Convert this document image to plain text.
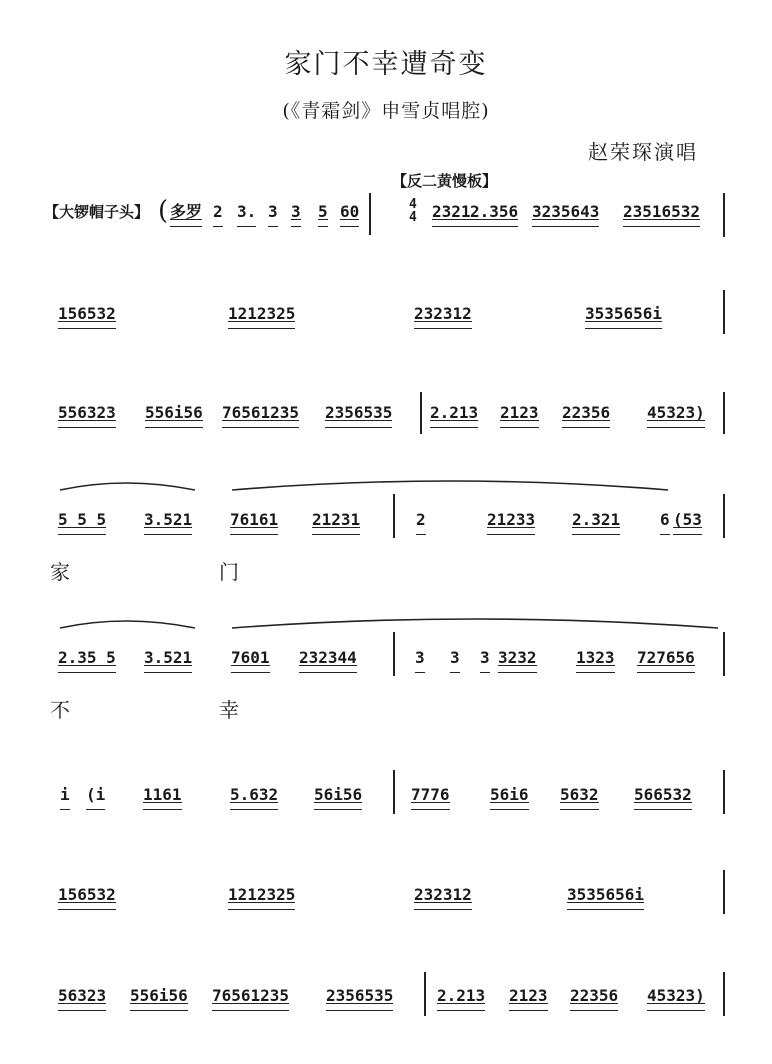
家门不幸遭奇变
(《青霜剑》申雪贞唱腔)
赵荣琛演唱
【反二黄慢板】
【大锣帽子头】	4
4
( 多罗 2 3. 3 3 5 60	2321 2.356 3235643 23516532
156532	1212325	232312	3535656i
556323 556i56 76561235 2356535 2.213 2123 22356 45323)
5 5 5 3.521 76161 21231	2	21233 2.321 6 (53
家	门
2.35 5 3.521 7601 232344	3 3 3 3232 1323 727656
不	幸
i (i 1161	5.632 56i56	7776	56i6 5632 566532
156532	1212325	232312	3535656i
56323 556i56 76561235 2356535	2.213 2123 22356 45323)
